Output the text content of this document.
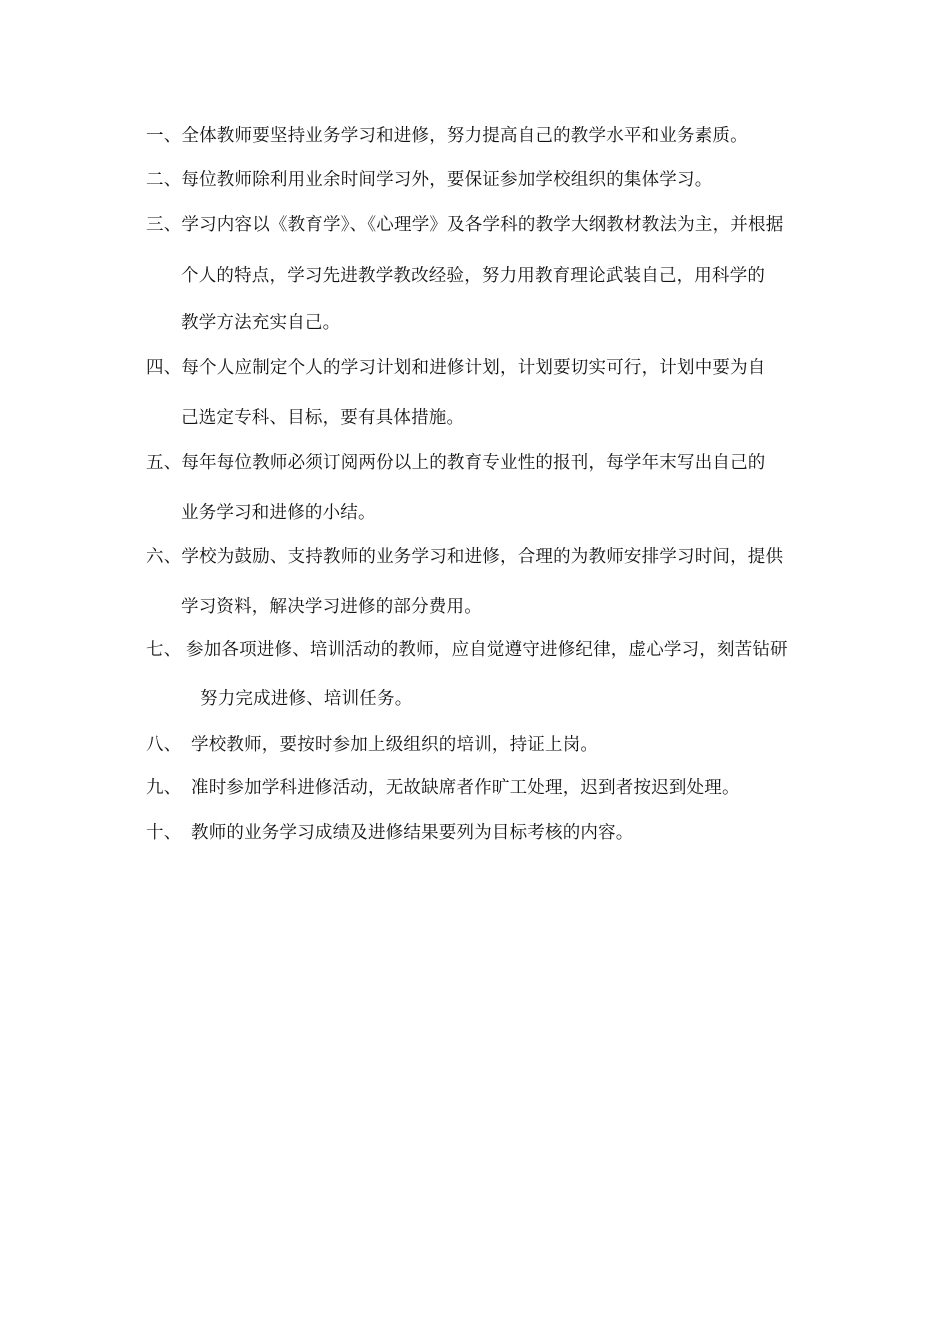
一、全体教师要坚持业务学习和进修，努力提高自己的教学水平和业务素质。
二、每位教师除利用业余时间学习外，要保证参加学校组织的集体学习。
三、学习内容以《教育学》、《心理学》及各学科的教学大纲教材教法为主，并根据
个人的特点，学习先进教学教改经验，努力用教育理论武装自己，用科学的
教学方法充实自己。
四、每个人应制定个人的学习计划和进修计划，计划要切实可行，计划中要为自
己选定专科、目标，要有具体措施。
五、每年每位教师必须订阅两份以上的教育专业性的报刊，每学年末写出自己的
业务学习和进修的小结。
六、学校为鼓励、支持教师的业务学习和进修，合理的为教师安排学习时间，提供
学习资料，解决学习进修的部分费用。
七、 参加各项进修、培训活动的教师，应自觉遵守进修纪律，虚心学习，刻苦钻研
努力完成进修、培训任务。
八、 学校教师，要按时参加上级组织的培训，持证上岗。
九、 准时参加学科进修活动，无故缺席者作旷工处理，迟到者按迟到处理。
十、 教师的业务学习成绩及进修结果要列为目标考核的内容。
